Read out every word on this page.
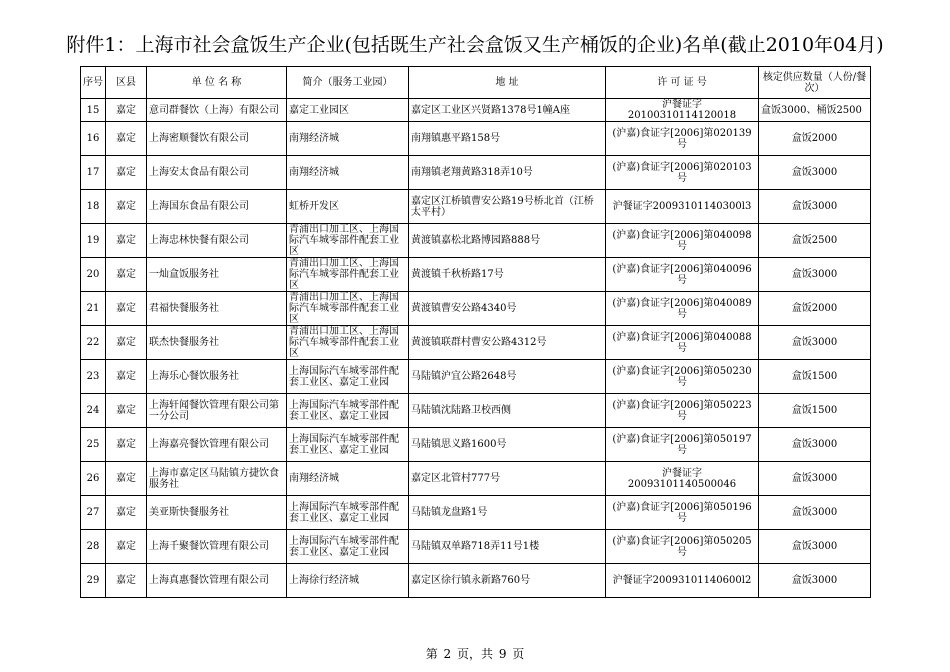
附件1：上海市社会盒饭生产企业(包括既生产社会盒饭又生产桶饭的企业)名单(截止2010年04月)
序号	区县	单 位 名 称	简介（服务工业园）	地 址	许 可 证 号	核定供应数量（人份/餐次）
15	嘉定	意司群餐饮（上海）有限公司	嘉定工业园区	嘉定区工业区兴贤路1378号1幢A座	沪餐证字20100310114120018	盒饭3000、桶饭2500
16	嘉定	上海密顺餐饮有限公司	南翔经济城	南翔镇惠平路158号	(沪嘉)食证字[2006]第020139号	盒饭2000
17	嘉定	上海安太食品有限公司	南翔经济城	南翔镇老翔黄路318弄10号	(沪嘉)食证字[2006]第020103号	盒饭3000
18	嘉定	上海国东食品有限公司	虹桥开发区	嘉定区江桥镇曹安公路19号桥北首（江桥太平村）	沪餐证字20093101140300l3	盒饭3000
19	嘉定	上海忠林快餐有限公司	青浦出口加工区、上海国际汽车城零部件配套工业区	黄渡镇嘉松北路博园路888号	(沪嘉)食证字[2006]第040098号	盒饭2500
20	嘉定	一灿盒饭服务社	青浦出口加工区、上海国际汽车城零部件配套工业区	黄渡镇千秋桥路17号	(沪嘉)食证字[2006]第040096号	盒饭3000
21	嘉定	君福快餐服务社	青浦出口加工区、上海国际汽车城零部件配套工业区	黄渡镇曹安公路4340号	(沪嘉)食证字[2006]第040089号	盒饭2000
22	嘉定	联杰快餐服务社	青浦出口加工区、上海国际汽车城零部件配套工业区	黄渡镇联群村曹安公路4312号	(沪嘉)食证字[2006]第040088号	盒饭3000
23	嘉定	上海乐心餐饮服务社	上海国际汽车城零部件配套工业区、嘉定工业园	马陆镇沪宜公路2648号	(沪嘉)食证字[2006]第050230号	盒饭1500
24	嘉定	上海轩闻餐饮管理有限公司第一分公司	上海国际汽车城零部件配套工业区、嘉定工业园	马陆镇沈陆路卫校西侧	(沪嘉)食证字[2006]第050223号	盒饭1500
25	嘉定	上海嘉亮餐饮管理有限公司	上海国际汽车城零部件配套工业区、嘉定工业园	马陆镇思义路1600号	(沪嘉)食证字[2006]第050197号	盒饭3000
26	嘉定	上海市嘉定区马陆镇方捷饮食服务社	南翔经济城	嘉定区北管村777号	沪餐证字20093101140500046	盒饭3000
27	嘉定	美亚斯快餐服务社	上海国际汽车城零部件配套工业区、嘉定工业园	马陆镇龙盘路1号	(沪嘉)食证字[2006]第050196号	盒饭3000
28	嘉定	上海千聚餐饮管理有限公司	上海国际汽车城零部件配套工业区、嘉定工业园	马陆镇双单路718弄11号1楼	(沪嘉)食证字[2006]第050205号	盒饭3000
29	嘉定	上海真惠餐饮管理有限公司	上海徐行经济城	嘉定区徐行镇永新路760号	沪餐证字20093101140600l2	盒饭3000
第 2 页，共 9 页
